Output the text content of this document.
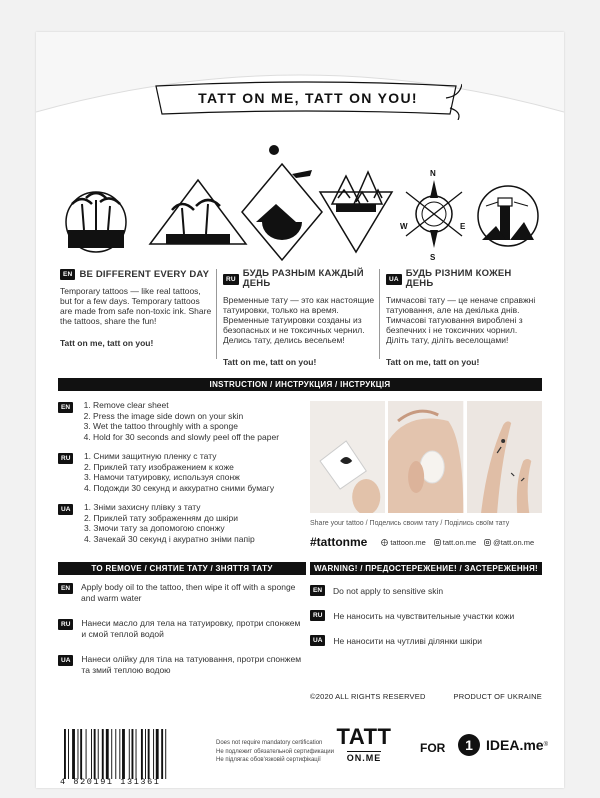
TATT ON ME, TATT ON YOU!
N
S
E
W
EN BE DIFFERENT EVERY DAY
Temporary tattoos — like real tattoos, but for a few days. Temporary tattoos are made from safe non-toxic ink. Share the tattoos, share the fun!
Tatt on me, tatt on you!
RU БУДЬ РАЗНЫМ КАЖДЫЙ ДЕНЬ
Временные тату — это как настоящие татуировки, только на время. Временные татуировки созданы из безопасных и не токсичных чернил. Делись тату, делись весельем!
Tatt on me, tatt on you!
UA БУДЬ РІЗНИМ КОЖЕН ДЕНЬ
Тимчасові тату — це неначе справжні татуювання, але на декілька днів. Тимчасові татуювання вироблені з безпечних і не токсичних чорнил. Діліть тату, діліть веселощами!
Tatt on me, tatt on you!
INSTRUCTION / ИНСТРУКЦИЯ / ІНСТРУКЦІЯ
EN	1. Remove clear sheet
2. Press the image side down on your skin
3. Wet the tattoo throughly with a sponge
4. Hold for 30 seconds and slowly peel off the paper
RU	1. Сними защитную пленку с тату
2. Приклей тату изображением к коже
3. Намочи татуировку, используя спонж
4. Подожди 30 секунд и аккуратно сними бумагу
UA	1. Зніми захисну плівку з тату
2. Приклей тату зображенням до шкіри
3. Змочи тату за допомогою спонжу
4. Зачекай 30 секунд і акуратно зніми папір
Share your tattoo / Поделись своим тату / Поділись своїм тату
#tattonme	tattoon.me tatt.on.me @tatt.on.me
TO REMOVE / СНЯТИЕ ТАТУ / ЗНЯТТЯ ТАТУ	WARNING! / ПРЕДОСТЕРЕЖЕНИЕ! / ЗАСТЕРЕЖЕННЯ!
EN	Apply body oil to the tattoo, then wipe it off with a sponge and warm water
RU	Нанеси масло для тела на татуировку, протри спонжем и смой теплой водой
UA	Нанеси олійку для тіла на татуювання, протри спонжем та змий теплою водою
EN	Do not apply to sensitive skin
RU	Не наносить на чувствительные участки кожи
UA	Не наносити на чутливі ділянки шкіри
©2020 ALL RIGHTS RESERVED	PRODUCT OF UKRAINE
4 820191 131361
Does not require mandatory certification
Не подлежит обязательной сертификации
Не підлягає обов'язковій сертифікації
TATT
ON.ME
FOR	1 IDEA.me ®
